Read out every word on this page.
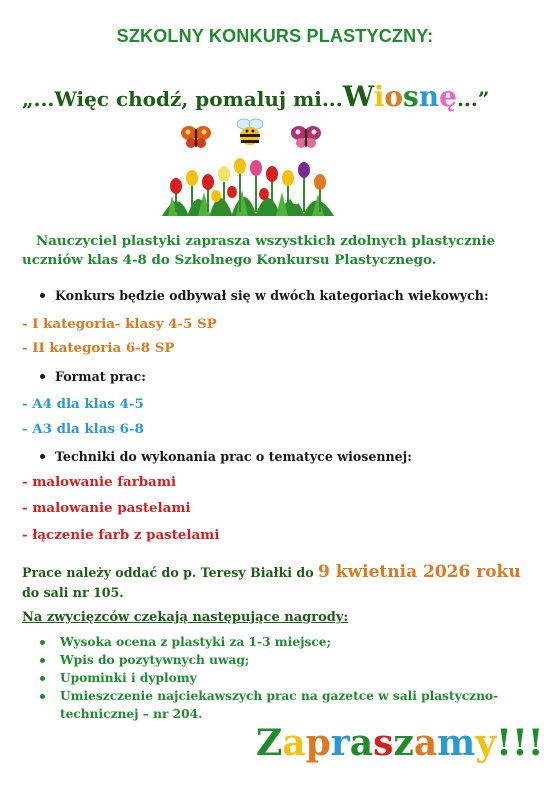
SZKOLNY KONKURS PLASTYCZNY:
„...Więc chodź, pomaluj mi...Wiosnę...”
Nauczyciel plastyki zaprasza wszystkich zdolnych plastycznie uczniów klas 4-8 do Szkolnego Konkursu Plastycznego.
Konkurs będzie odbywał się w dwóch kategoriach wiekowych:
- I kategoria- klasy 4-5 SP
- II kategoria 6-8 SP
Format prac:
- A4 dla klas 4-5
- A3 dla klas 6-8
Techniki do wykonania prac o tematyce wiosennej:
- malowanie farbami
- malowanie pastelami
- łączenie farb z pastelami
Prace należy oddać do p. Teresy Białki do 9 kwietnia 2026 roku
do sali nr 105.
Na zwycięzców czekają następujące nagrody:
Wysoka ocena z plastyki za 1-3 miejsce;
Wpis do pozytywnych uwag;
Upominki i dyplomy
Umieszczenie najciekawszych prac na gazetce w sali plastyczno-technicznej – nr 204.
Zapraszamy!!!
